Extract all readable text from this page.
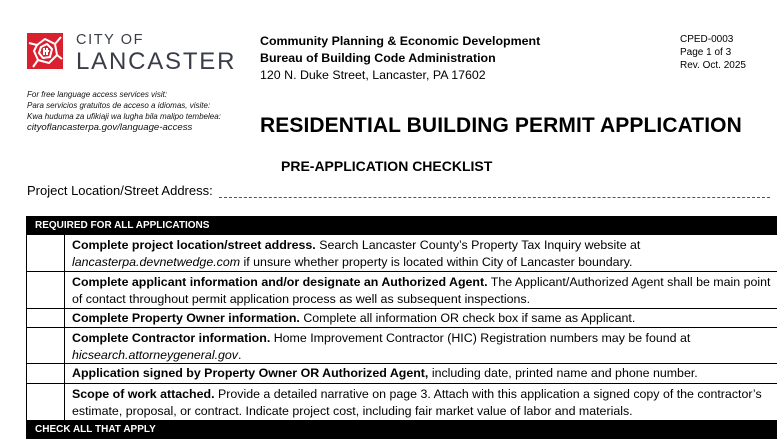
CITY OF
LANCASTER
For free language access services visit:
Para servicios gratuitos de acceso a idiomas, visite:
Kwa huduma za ufikiaji wa lugha bila malipo tembelea:
cityoflancasterpa.gov/language-access
Community Planning & Economic Development
Bureau of Building Code Administration
120 N. Duke Street, Lancaster, PA 17602
CPED-0003
Page 1 of 3
Rev. Oct. 2025
RESIDENTIAL BUILDING PERMIT APPLICATION
PRE-APPLICATION CHECKLIST
Project Location/Street Address:
REQUIRED FOR ALL APPLICATIONS
Complete project location/street address. Search Lancaster County’s Property Tax Inquiry website at lancasterpa.devnetwedge.com if unsure whether property is located within City of Lancaster boundary.
Complete applicant information and/or designate an Authorized Agent. The Applicant/Authorized Agent shall be main point of contact throughout permit application process as well as subsequent inspections.
Complete Property Owner information. Complete all information OR check box if same as Applicant.
Complete Contractor information. Home Improvement Contractor (HIC) Registration numbers may be found at hicsearch.attorneygeneral.gov.
Application signed by Property Owner OR Authorized Agent, including date, printed name and phone number.
Scope of work attached. Provide a detailed narrative on page 3. Attach with this application a signed copy of the contractor’s estimate, proposal, or contract. Indicate project cost, including fair market value of labor and materials.
CHECK ALL THAT APPLY
